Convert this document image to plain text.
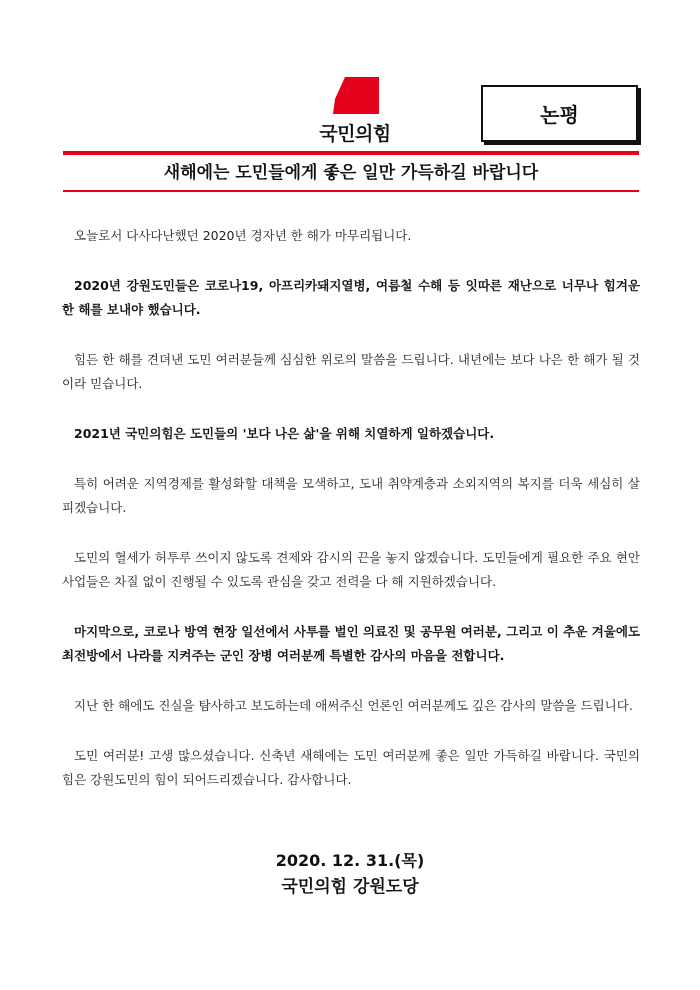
국민의힘
논평
새해에는 도민들에게 좋은 일만 가득하길 바랍니다

오늘로서 다사다난했던 2020년 경자년 한 해가 마무리됩니다.

2020년 강원도민들은 코로나19, 아프리카돼지열병, 여름철 수해 등 잇따른 재난으로 너무나 힘겨운 한 해를 보내야 했습니다.

힘든 한 해를 견뎌낸 도민 여러분들께 심심한 위로의 말씀을 드립니다. 내년에는 보다 나은 한 해가 될 것이라 믿습니다.

2021년 국민의힘은 도민들의 '보다 나은 삶'을 위해 치열하게 일하겠습니다.

특히 어려운 지역경제를 활성화할 대책을 모색하고, 도내 취약계층과 소외지역의 복지를 더욱 세심히 살피겠습니다.

도민의 혈세가 허투루 쓰이지 않도록 견제와 감시의 끈을 놓지 않겠습니다. 도민들에게 필요한 주요 현안사업들은 차질 없이 진행될 수 있도록 관심을 갖고 전력을 다 해 지원하겠습니다.

마지막으로, 코로나 방역 현장 일선에서 사투를 벌인 의료진 및 공무원 여러분, 그리고 이 추운 겨울에도 최전방에서 나라를 지켜주는 군인 장병 여러분께 특별한 감사의 마음을 전합니다.

지난 한 해에도 진실을 탐사하고 보도하는데 애써주신 언론인 여러분께도 깊은 감사의 말씀을 드립니다.

도민 여러분! 고생 많으셨습니다. 신축년 새해에는 도민 여러분께 좋은 일만 가득하길 바랍니다. 국민의힘은 강원도민의 힘이 되어드리겠습니다. 감사합니다.

2020. 12. 31.(목)
국민의힘 강원도당
